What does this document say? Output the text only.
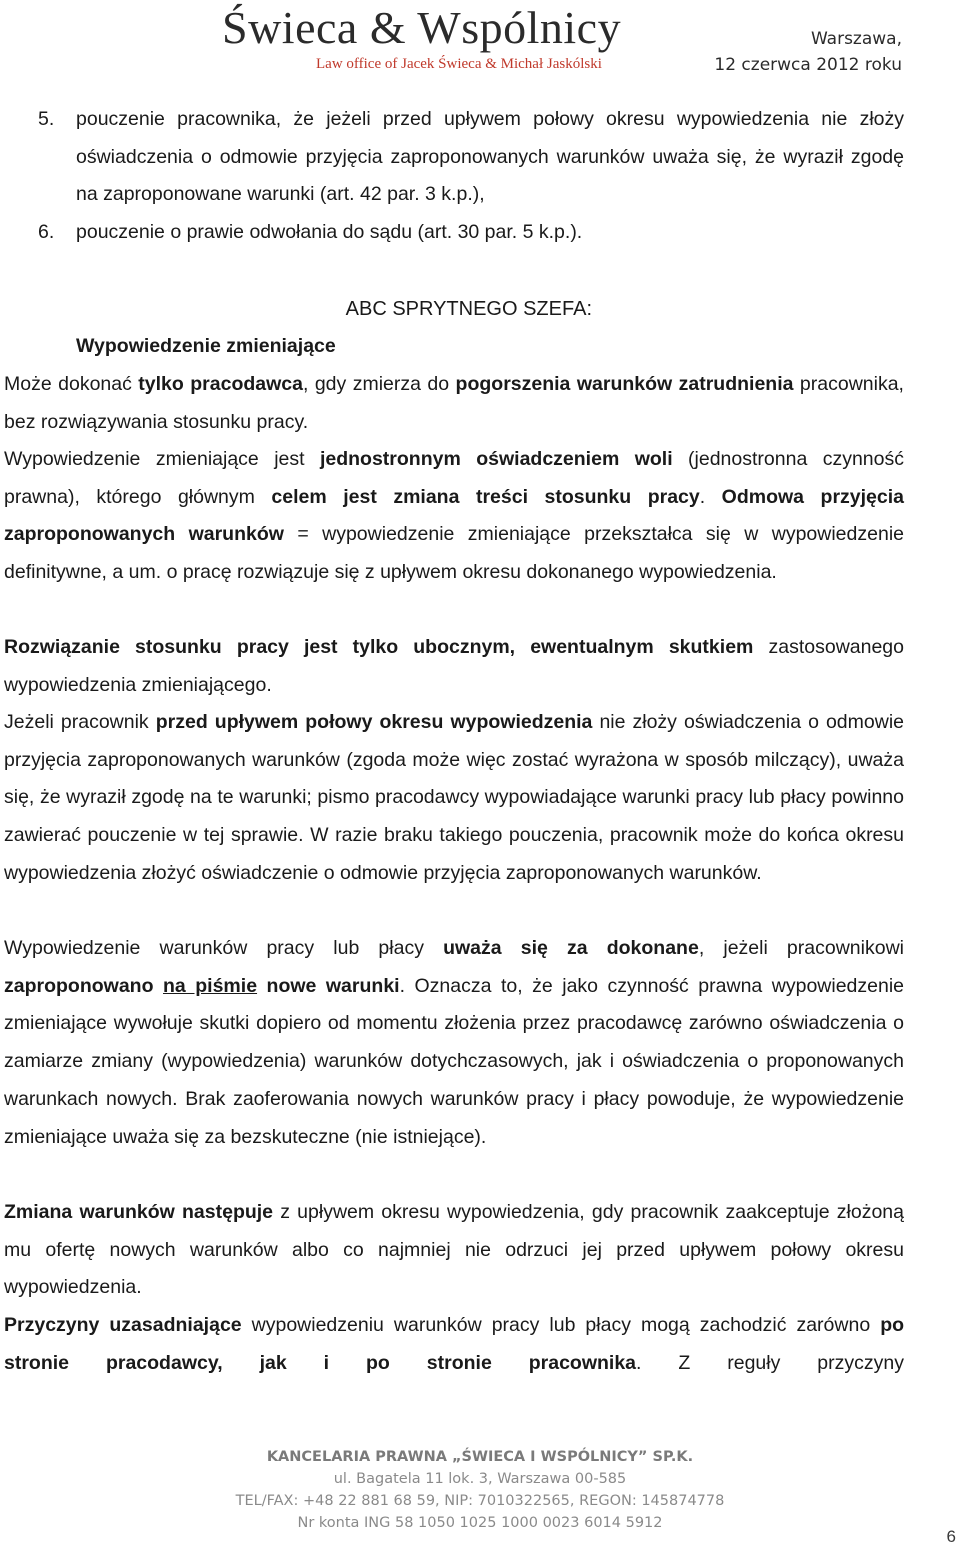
Świeca & Wspólnicy
Law office of Jacek Świeca & Michał Jaskólski
Warszawa,
12 czerwca 2012 roku
5. pouczenie pracownika, że jeżeli przed upływem połowy okresu wypowiedzenia nie złoży oświadczenia o odmowie przyjęcia zaproponowanych warunków uważa się, że wyraził zgodę na zaproponowane warunki (art. 42 par. 3 k.p.),
6. pouczenie o prawie odwołania do sądu (art. 30 par. 5 k.p.).
ABC SPRYTNEGO SZEFA:
Wypowiedzenie zmieniające
Może dokonać tylko pracodawca, gdy zmierza do pogorszenia warunków zatrudnienia pracownika, bez rozwiązywania stosunku pracy.
Wypowiedzenie zmieniające jest jednostronnym oświadczeniem woli (jednostronna czynność prawna), którego głównym celem jest zmiana treści stosunku pracy. Odmowa przyjęcia zaproponowanych warunków = wypowiedzenie zmieniające przekształca się w wypowiedzenie definitywne, a um. o pracę rozwiązuje się z upływem okresu dokonanego wypowiedzenia.
Rozwiązanie stosunku pracy jest tylko ubocznym, ewentualnym skutkiem zastosowanego wypowiedzenia zmieniającego.
Jeżeli pracownik przed upływem połowy okresu wypowiedzenia nie złoży oświadczenia o odmowie przyjęcia zaproponowanych warunków (zgoda może więc zostać wyrażona w sposób milczący), uważa się, że wyraził zgodę na te warunki; pismo pracodawcy wypowiadające warunki pracy lub płacy powinno zawierać pouczenie w tej sprawie. W razie braku takiego pouczenia, pracownik może do końca okresu wypowiedzenia złożyć oświadczenie o odmowie przyjęcia zaproponowanych warunków.
Wypowiedzenie warunków pracy lub płacy uważa się za dokonane, jeżeli pracownikowi zaproponowano na piśmie nowe warunki. Oznacza to, że jako czynność prawna wypowiedzenie zmieniające wywołuje skutki dopiero od momentu złożenia przez pracodawcę zarówno oświadczenia o zamiarze zmiany (wypowiedzenia) warunków dotychczasowych, jak i oświadczenia o proponowanych warunkach nowych. Brak zaoferowania nowych warunków pracy i płacy powoduje, że wypowiedzenie zmieniające uważa się za bezskuteczne (nie istniejące).
Zmiana warunków następuje z upływem okresu wypowiedzenia, gdy pracownik zaakceptuje złożoną mu ofertę nowych warunków albo co najmniej nie odrzuci jej przed upływem połowy okresu wypowiedzenia.
Przyczyny uzasadniające wypowiedzeniu warunków pracy lub płacy mogą zachodzić zarówno po stronie pracodawcy, jak i po stronie pracownika. Z reguły przyczyny
KANCELARIA PRAWNA „ŚWIECA I WSPÓLNICY” SP.K.
ul. Bagatela 11 lok. 3, Warszawa 00-585
TEL/FAX: +48 22 881 68 59, NIP: 7010322565, REGON: 145874778
Nr konta ING 58 1050 1025 1000 0023 6014 5912
6
